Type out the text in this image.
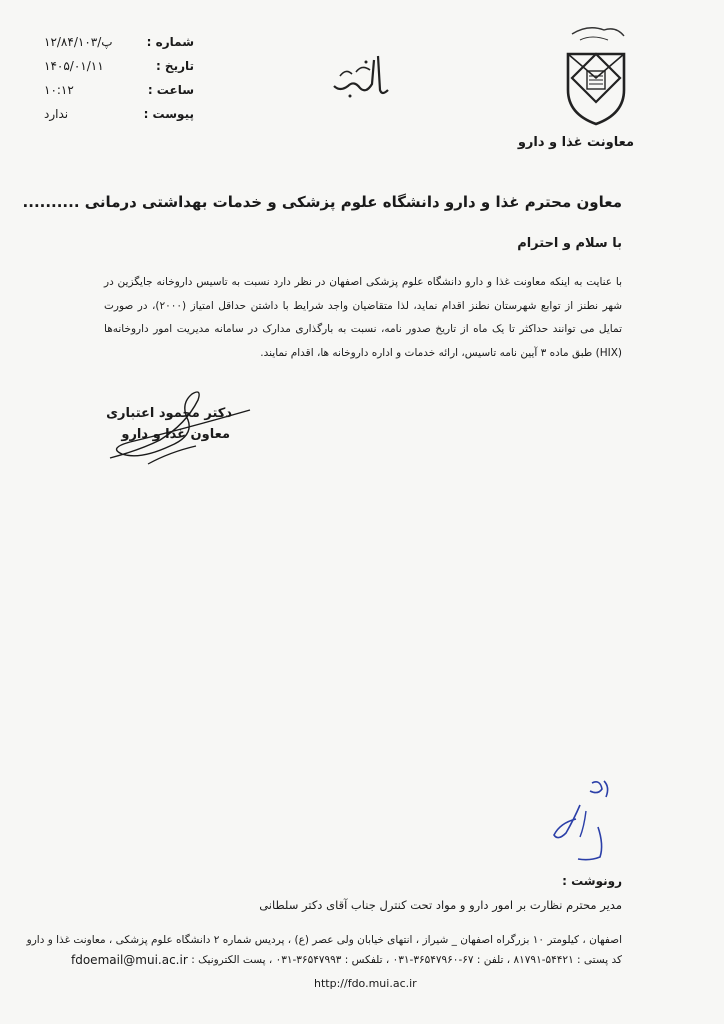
شماره :
پ/۱۲/۸۴/۱۰۳
تاریخ :
۱۴۰۵/۰۱/۱۱
ساعت :
۱۰:۱۲
پیوست :
ندارد
معاونت غذا و دارو
معاون محترم غذا و دارو دانشگاه علوم پزشکی و خدمات بهداشتی درمانی ..........
با سلام و احترام
با عنایت به اینکه معاونت غذا و دارو دانشگاه علوم پزشکی اصفهان در نظر دارد نسبت به تاسیس داروخانه جایگزین در شهر نطنز از توابع شهرستان نطنز اقدام نماید، لذا متقاضیان واجد شرایط با داشتن حداقل امتیاز (۲۰۰۰)، در صورت تمایل می توانند حداکثر تا یک ماه از تاریخ صدور نامه، نسبت به بارگذاری مدارک در سامانه مدیریت امور داروخانه‌ها (HIX) طبق ماده ۳ آیین نامه تاسیس، ارائه خدمات و اداره داروخانه ها، اقدام نمایند.
دکتر محمود اعتباری
معاون غذا و دارو
رونوشت :
مدیر محترم نظارت بر امور دارو و مواد تحت کنترل جناب آقای دکتر سلطانی
اصفهان ، کیلومتر ۱۰ بزرگراه اصفهان _ شیراز ، انتهای خیابان ولی عصر (ع) ، پردیس شماره ۲ دانشگاه علوم پزشکی ، معاونت غذا و دارو
کد پستی : ۵۴۴۲۱-۸۱۷۹۱ ، تلفن : ۶۷-۳۶۵۴۷۹۶۰-۰۳۱ ، تلفکس : ۳۶۵۴۷۹۹۳-۰۳۱ ، پست الکترونیک :
fdoemail@mui.ac.ir
http://fdo.mui.ac.ir
